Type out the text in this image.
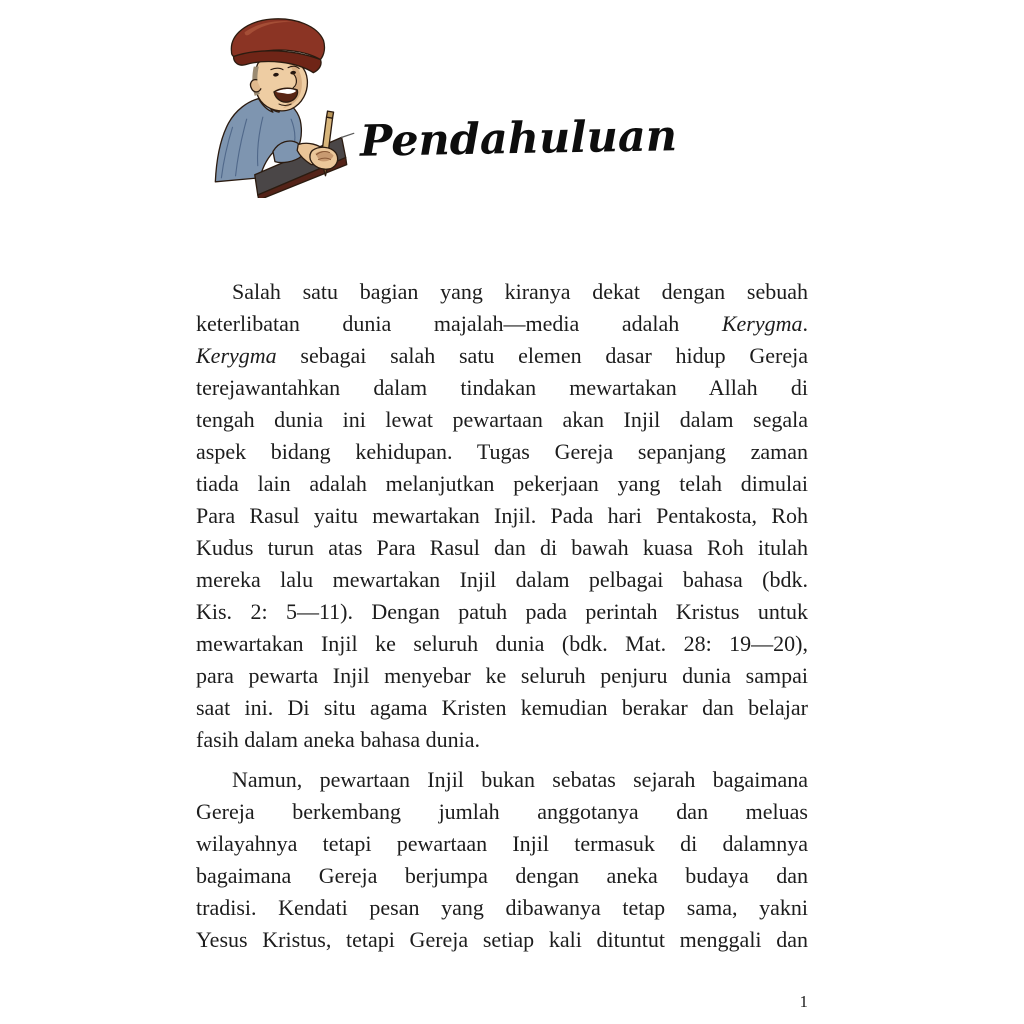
Pendahuluan
Salah satu bagian yang kiranya dekat dengan sebuah
keterlibatan dunia majalah—media adalah Kerygma.
Kerygma sebagai salah satu elemen dasar hidup Gereja
terejawantahkan dalam tindakan mewartakan Allah di
tengah dunia ini lewat pewartaan akan Injil dalam segala
aspek bidang kehidupan. Tugas Gereja sepanjang zaman
tiada lain adalah melanjutkan pekerjaan yang telah dimulai
Para Rasul yaitu mewartakan Injil. Pada hari Pentakosta, Roh
Kudus turun atas Para Rasul dan di bawah kuasa Roh itulah
mereka lalu mewartakan Injil dalam pelbagai bahasa (bdk.
Kis. 2: 5—11). Dengan patuh pada perintah Kristus untuk
mewartakan Injil ke seluruh dunia (bdk. Mat. 28: 19—20),
para pewarta Injil menyebar ke seluruh penjuru dunia sampai
saat ini. Di situ agama Kristen kemudian berakar dan belajar
fasih dalam aneka bahasa dunia.
Namun, pewartaan Injil bukan sebatas sejarah bagaimana
Gereja berkembang jumlah anggotanya dan meluas
wilayahnya tetapi pewartaan Injil termasuk di dalamnya
bagaimana Gereja berjumpa dengan aneka budaya dan
tradisi. Kendati pesan yang dibawanya tetap sama, yakni
Yesus Kristus, tetapi Gereja setiap kali dituntut menggali dan
1
